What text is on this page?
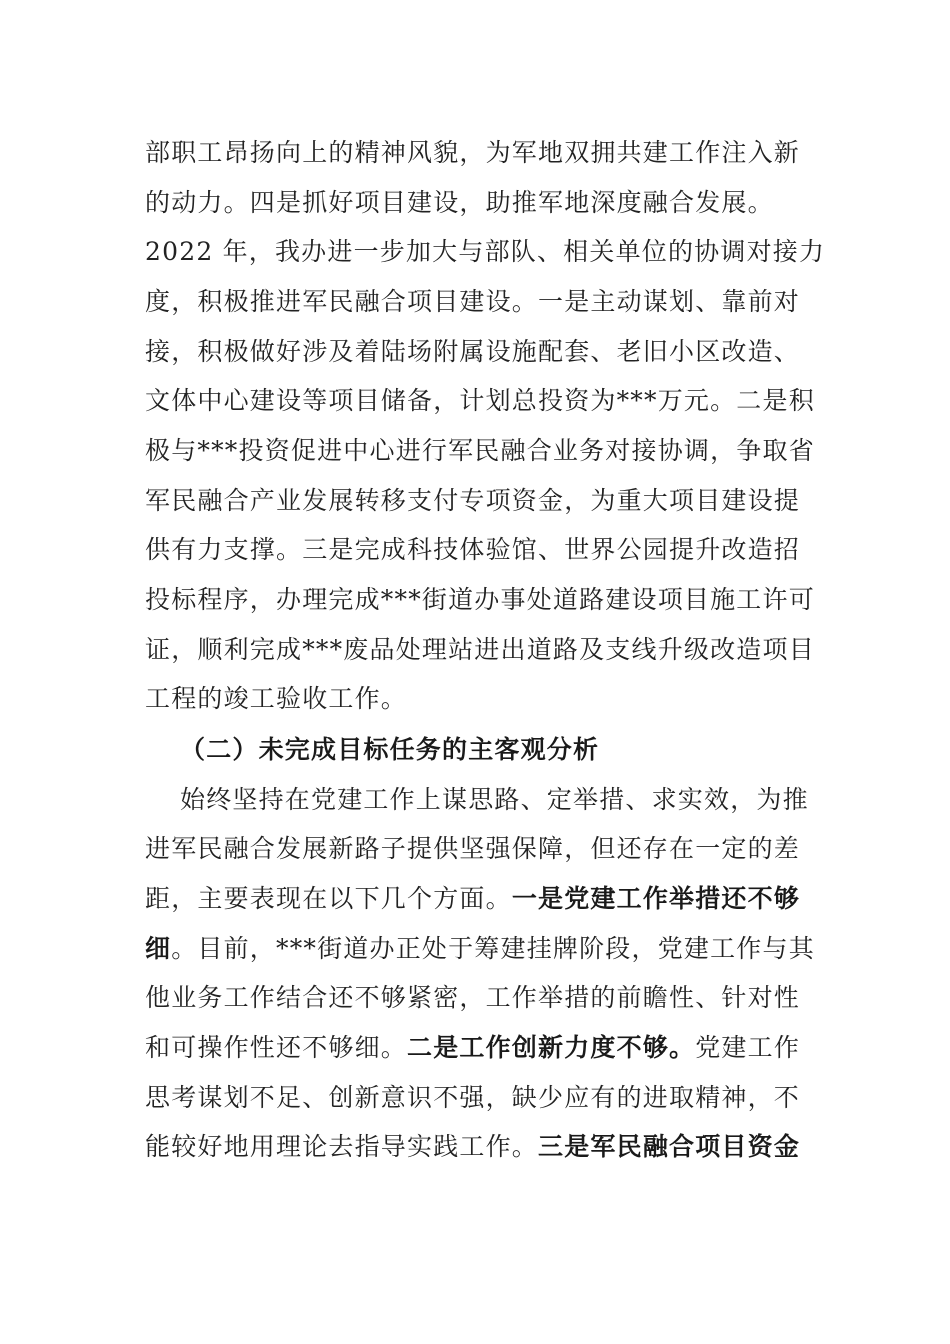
部职工昂扬向上的精神风貌，为军地双拥共建工作注入新
的动力。四是抓好项目建设，助推军地深度融合发展。
2022 年，我办进一步加大与部队、相关单位的协调对接力
度，积极推进军民融合项目建设。一是主动谋划、靠前对
接，积极做好涉及着陆场附属设施配套、老旧小区改造、
文体中心建设等项目储备，计划总投资为***万元。二是积
极与***投资促进中心进行军民融合业务对接协调，争取省
军民融合产业发展转移支付专项资金，为重大项目建设提
供有力支撑。三是完成科技体验馆、世界公园提升改造招
投标程序，办理完成***街道办事处道路建设项目施工许可
证，顺利完成***废品处理站进出道路及支线升级改造项目
工程的竣工验收工作。
（二）未完成目标任务的主客观分析
始终坚持在党建工作上谋思路、定举措、求实效，为推
进军民融合发展新路子提供坚强保障，但还存在一定的差
距，主要表现在以下几个方面。一是党建工作举措还不够
细。目前，***街道办正处于筹建挂牌阶段，党建工作与其
他业务工作结合还不够紧密，工作举措的前瞻性、针对性
和可操作性还不够细。二是工作创新力度不够。党建工作
思考谋划不足、创新意识不强，缺少应有的进取精神，不
能较好地用理论去指导实践工作。三是军民融合项目资金
